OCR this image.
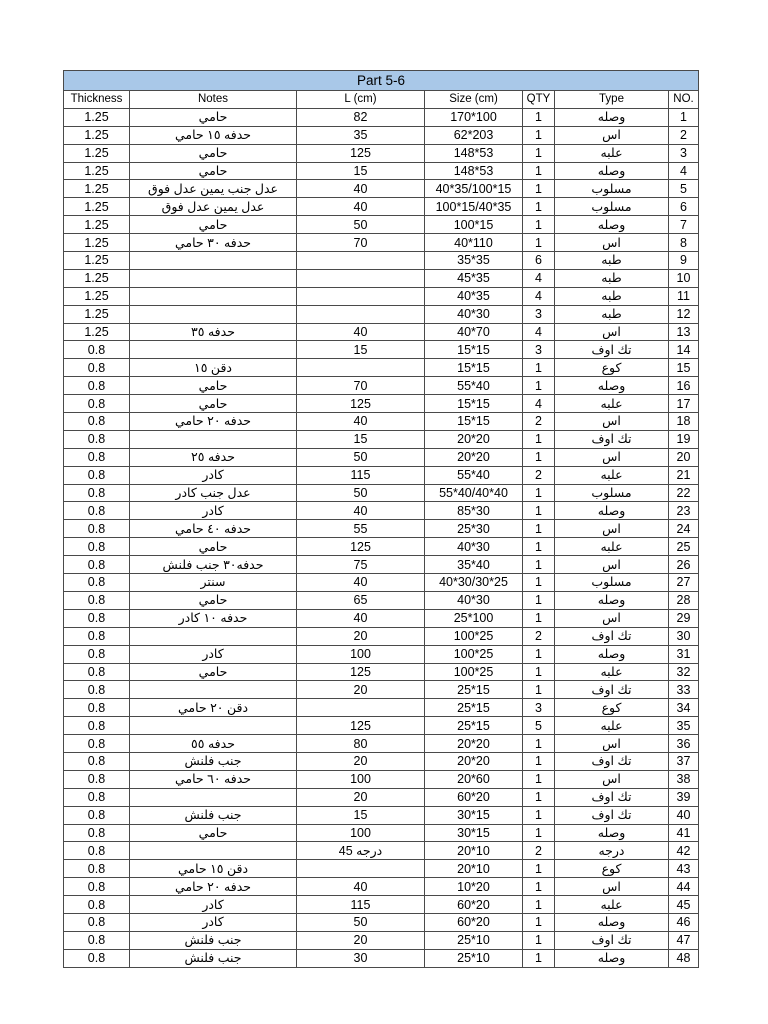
Part 5-6						
Thickness	Notes	L (cm)	Size (cm)	QTY	Type	NO.
1.25	حامي	82	170*100	1	وصله	1
1.25	حدفه ١٥ حامي	35	62*203	1	اس	2
1.25	حامي	125	148*53	1	علبه	3
1.25	حامي	15	148*53	1	وصله	4
1.25	عدل جنب يمين عدل فوق	40	40*35/100*15	1	مسلوب	5
1.25	عدل يمين عدل فوق	40	100*15/40*35	1	مسلوب	6
1.25	حامي	50	100*15	1	وصله	7
1.25	حدفه ٣٠ حامي	70	40*110	1	اس	8
1.25			35*35	6	طبه	9
1.25			45*35	4	طبه	10
1.25			40*35	4	طبه	11
1.25			40*30	3	طبه	12
1.25	حدفه ٣٥	40	40*70	4	اس	13
0.8		15	15*15	3	تك اوف	14
0.8	دقن ١٥		15*15	1	كوع	15
0.8	حامي	70	55*40	1	وصله	16
0.8	حامي	125	15*15	4	علبه	17
0.8	حدفه ٢٠ حامي	40	15*15	2	اس	18
0.8		15	20*20	1	تك اوف	19
0.8	حدفه ٢٥	50	20*20	1	اس	20
0.8	كادر	115	55*40	2	علبه	21
0.8	عدل جنب كادر	50	55*40/40*40	1	مسلوب	22
0.8	كادر	40	85*30	1	وصله	23
0.8	حدفه ٤٠ حامي	55	25*30	1	اس	24
0.8	حامي	125	40*30	1	علبه	25
0.8	حدفه٣٠ جنب فلنش	75	35*40	1	اس	26
0.8	سنتر	40	40*30/30*25	1	مسلوب	27
0.8	حامي	65	40*30	1	وصله	28
0.8	حدفه ١٠ كادر	40	25*100	1	اس	29
0.8		20	100*25	2	تك اوف	30
0.8	كادر	100	100*25	1	وصله	31
0.8	حامي	125	100*25	1	علبه	32
0.8		20	25*15	1	تك اوف	33
0.8	دقن ٢٠ حامي		25*15	3	كوع	34
0.8		125	25*15	5	علبه	35
0.8	حدفه ٥٥	80	20*20	1	اس	36
0.8	جنب فلنش	20	20*20	1	تك اوف	37
0.8	حدفه ٦٠ حامي	100	20*60	1	اس	38
0.8		20	60*20	1	تك اوف	39
0.8	جنب فلنش	15	30*15	1	تك اوف	40
0.8	حامي	100	30*15	1	وصله	41
0.8		درجه 45	20*10	2	درجه	42
0.8	دقن ١٥ حامي		20*10	1	كوع	43
0.8	حدفه ٢٠ حامي	40	10*20	1	اس	44
0.8	كادر	115	60*20	1	علبه	45
0.8	كادر	50	60*20	1	وصله	46
0.8	جنب فلنش	20	25*10	1	تك اوف	47
0.8	جنب فلنش	30	25*10	1	وصله	48
